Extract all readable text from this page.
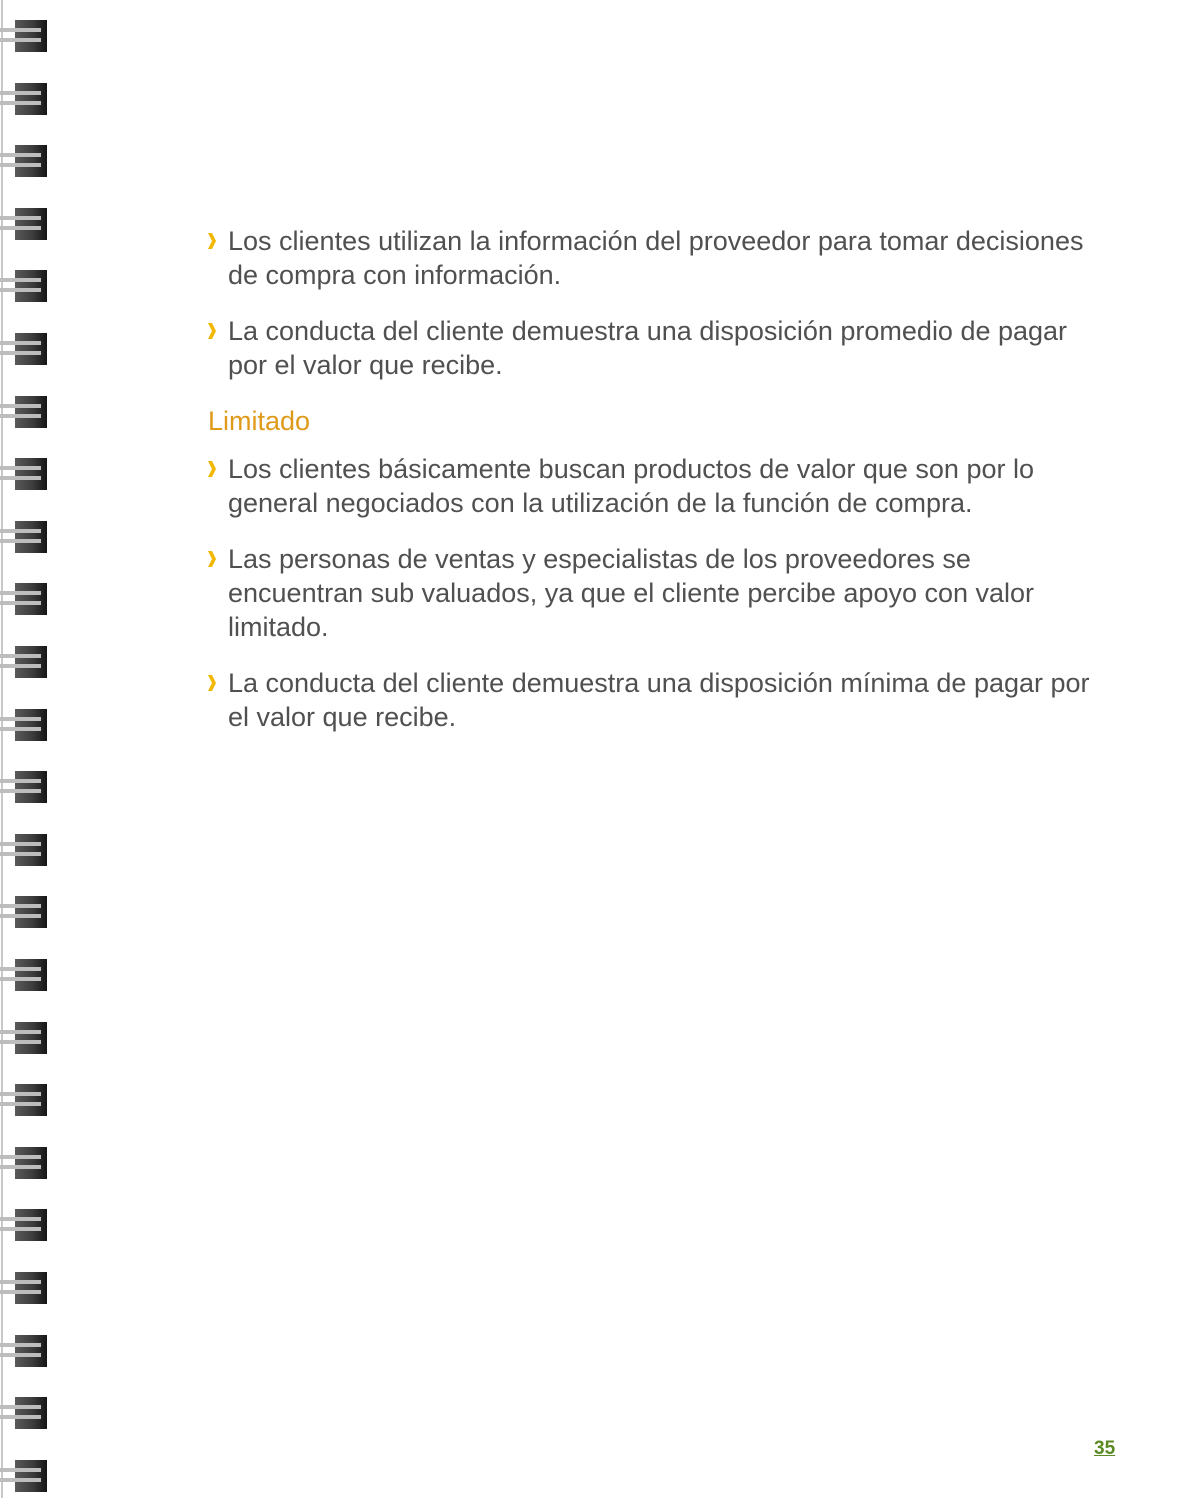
Los clientes utilizan la información del proveedor para tomar decisiones de compra con información.
La conducta del cliente demuestra una disposición promedio de pagar por el valor que recibe.
Limitado
Los clientes básicamente buscan productos de valor que son por lo general negociados con la utilización de la función de compra.
Las personas de ventas y especialistas de los proveedores se encuentran sub valuados, ya que el cliente percibe apoyo con valor limitado.
La conducta del cliente demuestra una disposición mínima de pagar por el valor que recibe.
35
